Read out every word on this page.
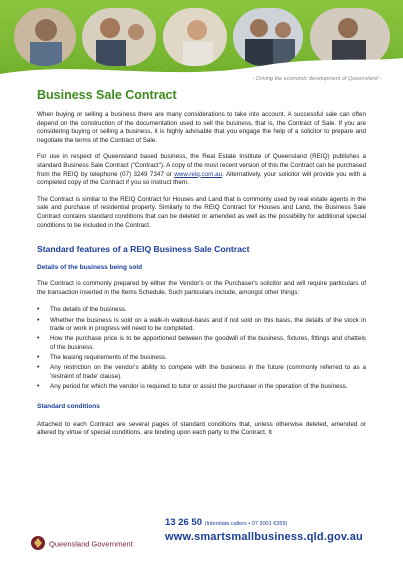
- Driving the economic development of Queensland -
Business Sale Contract

When buying or selling a business there are many considerations to take into account. A successful sale can often depend on the construction of the documentation used to sell the business, that is, the Contract of Sale. If you are considering buying or selling a business, it is highly advisable that you engage the help of a solicitor to prepare and negotiate the terms of the Contract of Sale.

For use in respect of Queensland based business, the Real Estate Institute of Queensland (REIQ) publishes a standard Business Sale Contract ("Contract"). A copy of the most recent version of this the Contract can be purchased from the REIQ by telephone (07) 3249 7347 or www.reiq.com.au. Alternatively, your solicitor will provide you with a completed copy of the Contract if you so instruct them.

The Contract is similar to the REIQ Contract for Houses and Land that is commonly used by real estate agents in the sale and purchase of residential property. Similarly to the REIQ Contract for Houses and Land, the Business Sale Contract contains standard conditions that can be deleted or amended as well as the possibility for additional special conditions to be included in the Contract.

Standard features of a REIQ Business Sale Contract
Details of the business being sold

The Contract is commonly prepared by either the Vendor's or the Purchaser's solicitor and will require particulars of the transaction inserted in the Items Schedule. Such particulars include, amongst other things:

• The details of the business.
• Whether the business is sold on a walk-in walkout-basis and if not sold on this basis, the details of the stock in trade or work in progress will need to be completed.
• How the purchase price is to be apportioned between the goodwill of the business, fixtures, fittings and chattels of the business.
• The leasing requirements of the business.
• Any restriction on the vendor's ability to compete with the business in the future (commonly referred to as a 'restraint of trade' clause).
• Any period for which the vendor is required to tutor or assist the purchaser in the operation of the business.
Standard conditions

Attached to each Contract are several pages of standard conditions that, unless otherwise deleted, amended or altered by virtue of special conditions, are binding upon each party to the Contract. It

Queensland Government
13 26 50 (Interstate callers • 07 3001 6359)
www.smartsmallbusiness.qld.gov.au
